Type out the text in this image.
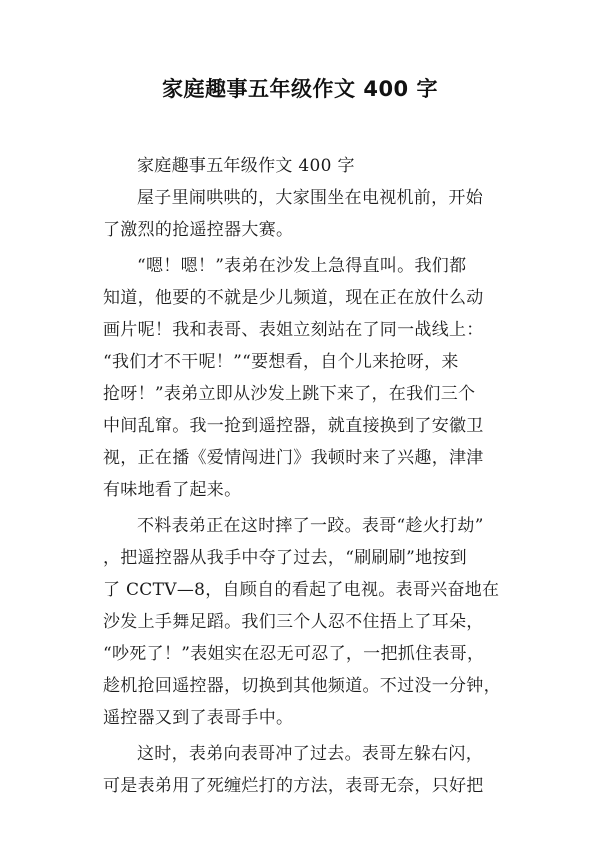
家庭趣事五年级作文 400 字
家庭趣事五年级作文 400 字
屋子里闹哄哄的，大家围坐在电视机前，开始
了激烈的抢遥控器大赛。
“嗯！嗯！”表弟在沙发上急得直叫。我们都
知道，他要的不就是少儿频道，现在正在放什么动
画片呢！我和表哥、表姐立刻站在了同一战线上：
“我们才不干呢！”“要想看，自个儿来抢呀，来
抢呀！”表弟立即从沙发上跳下来了，在我们三个
中间乱窜。我一抢到遥控器，就直接换到了安徽卫
视，正在播《爱情闯进门》我顿时来了兴趣，津津
有味地看了起来。
不料表弟正在这时摔了一跤。表哥“趁火打劫”
，把遥控器从我手中夺了过去，“刷刷刷”地按到
了 CCTV—8，自顾自的看起了电视。表哥兴奋地在
沙发上手舞足蹈。我们三个人忍不住捂上了耳朵，
“吵死了！”表姐实在忍无可忍了，一把抓住表哥，
趁机抢回遥控器，切换到其他频道。不过没一分钟，
遥控器又到了表哥手中。
这时，表弟向表哥冲了过去。表哥左躲右闪，
可是表弟用了死缠烂打的方法，表哥无奈，只好把
